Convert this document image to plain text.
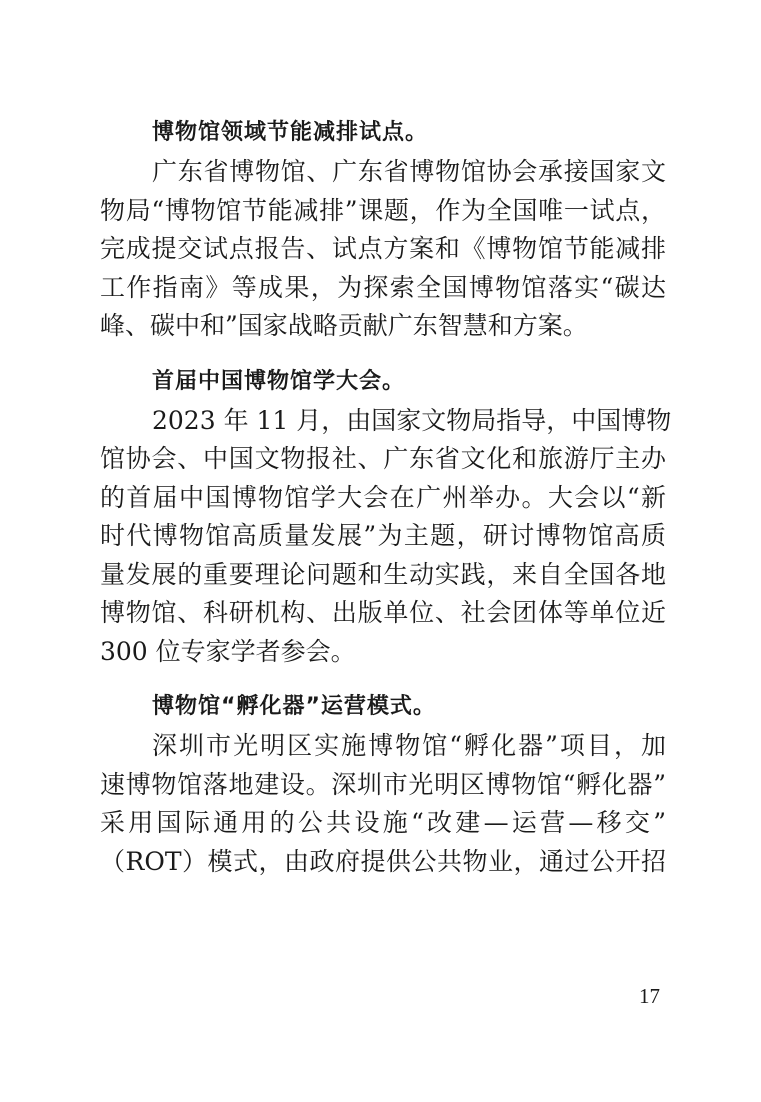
博物馆领域节能减排试点。

广东省博物馆、广东省博物馆协会承接国家文
物局“博物馆节能减排”课题，作为全国唯一试点，
完成提交试点报告、试点方案和《博物馆节能减排
工作指南》等成果，为探索全国博物馆落实“碳达
峰、碳中和”国家战略贡献广东智慧和方案。

首届中国博物馆学大会。

2023 年 11 月，由国家文物局指导，中国博物
馆协会、中国文物报社、广东省文化和旅游厅主办
的首届中国博物馆学大会在广州举办。大会以“新
时代博物馆高质量发展”为主题，研讨博物馆高质
量发展的重要理论问题和生动实践，来自全国各地
博物馆、科研机构、出版单位、社会团体等单位近
300 位专家学者参会。

博物馆“孵化器”运营模式。

深圳市光明区实施博物馆“孵化器”项目，加
速博物馆落地建设。深圳市光明区博物馆“孵化器”
采用国际通用的公共设施“改建—运营—移交”
（ROT）模式，由政府提供公共物业，通过公开招

17
